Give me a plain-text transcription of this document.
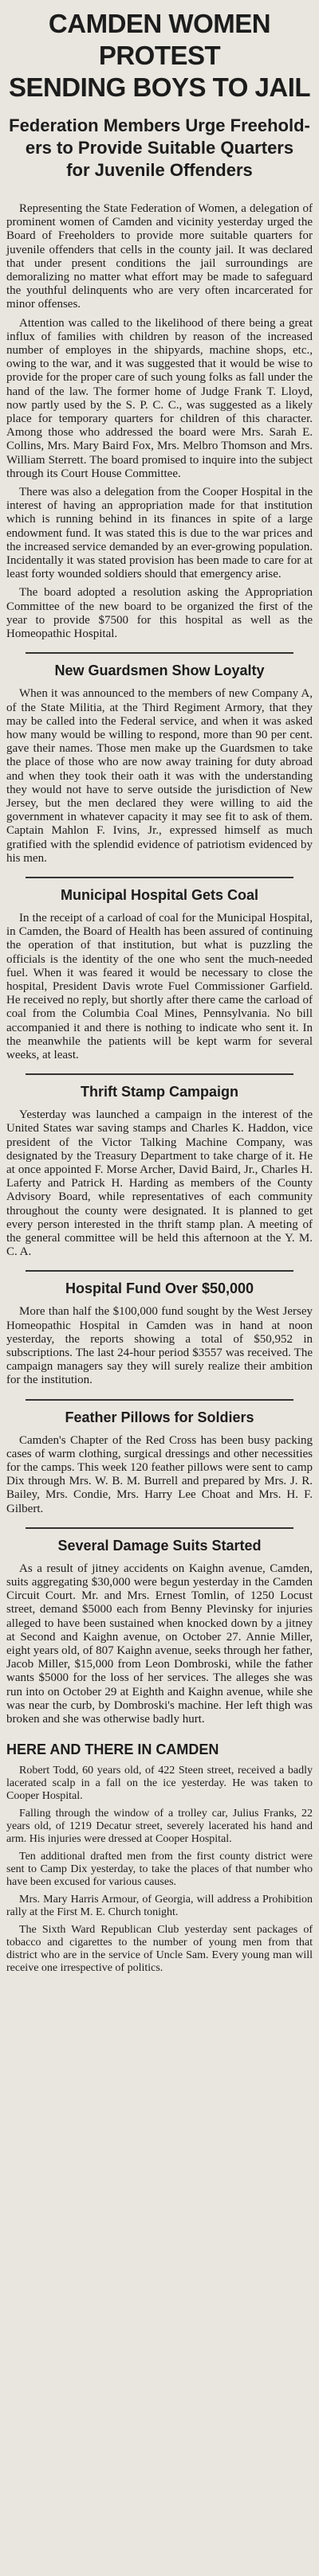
CAMDEN WOMEN PROTEST
SENDING BOYS TO JAIL
Federation Members Urge Freehold-
ers to Provide Suitable Quarters
for Juvenile Offenders

Representing the State Federation of Women, a delegation of prominent women of Camden and vicinity yesterday urged the Board of Freeholders to provide more suitable quarters for juvenile offenders that cells in the county jail. It was declared that under present conditions the jail surroundings are demoralizing no matter what effort may be made to safeguard the youthful delinquents who are very often incarcerated for minor offenses.

Attention was called to the likelihood of there being a great influx of families with children by reason of the increased number of employes in the shipyards, machine shops, etc., owing to the war, and it was suggested that it would be wise to provide for the proper care of such young folks as fall under the hand of the law. The former home of Judge Frank T. Lloyd, now partly used by the S. P. C. C., was suggested as a likely place for temporary quarters for children of this character. Among those who addressed the board were Mrs. Sarah E. Collins, Mrs. Mary Baird Fox, Mrs. Melbro Thomson and Mrs. William Sterrett. The board promised to inquire into the subject through its Court House Committee.

There was also a delegation from the Cooper Hospital in the interest of having an appropriation made for that institution which is running behind in its finances in spite of a large endowment fund. It was stated this is due to the war prices and the increased service demanded by an ever-growing population. Incidentally it was stated provision has been made to care for at least forty wounded soldiers should that emergency arise.

The board adopted a resolution asking the Appropriation Committee of the new board to be organized the first of the year to provide $7500 for this hospital as well as the Homeopathic Hospital.

New Guardsmen Show Loyalty

When it was announced to the members of new Company A, of the State Militia, at the Third Regiment Armory, that they may be called into the Federal service, and when it was asked how many would be willing to respond, more than 90 per cent. gave their names. Those men make up the Guardsmen to take the place of those who are now away training for duty abroad and when they took their oath it was with the understanding they would not have to serve outside the jurisdiction of New Jersey, but the men declared they were willing to aid the government in whatever capacity it may see fit to ask of them. Captain Mahlon F. Ivins, Jr., expressed himself as much gratified with the splendid evidence of patriotism evidenced by his men.

Municipal Hospital Gets Coal

In the receipt of a carload of coal for the Municipal Hospital, in Camden, the Board of Health has been assured of continuing the operation of that institution, but what is puzzling the officials is the identity of the one who sent the much-needed fuel. When it was feared it would be necessary to close the hospital, President Davis wrote Fuel Commissioner Garfield. He received no reply, but shortly after there came the carload of coal from the Columbia Coal Mines, Pennsylvania. No bill accompanied it and there is nothing to indicate who sent it. In the meanwhile the patients will be kept warm for several weeks, at least.

Thrift Stamp Campaign

Yesterday was launched a campaign in the interest of the United States war saving stamps and Charles K. Haddon, vice president of the Victor Talking Machine Company, was designated by the Treasury Department to take charge of it. He at once appointed F. Morse Archer, David Baird, Jr., Charles H. Laferty and Patrick H. Harding as members of the County Advisory Board, while representatives of each community throughout the county were designated. It is planned to get every person interested in the thrift stamp plan. A meeting of the general committee will be held this afternoon at the Y. M. C. A.

Hospital Fund Over $50,000

More than half the $100,000 fund sought by the West Jersey Homeopathic Hospital in Camden was in hand at noon yesterday, the reports showing a total of $50,952 in subscriptions. The last 24-hour period $3557 was received. The campaign managers say they will surely realize their ambition for the institution.

Feather Pillows for Soldiers

Camden's Chapter of the Red Cross has been busy packing cases of warm clothing, surgical dressings and other necessities for the camps. This week 120 feather pillows were sent to camp Dix through Mrs. W. B. M. Burrell and prepared by Mrs. J. R. Bailey, Mrs. Condie, Mrs. Harry Lee Choat and Mrs. H. F. Gilbert.

Several Damage Suits Started

As a result of jitney accidents on Kaighn avenue, Camden, suits aggregating $30,000 were begun yesterday in the Camden Circuit Court. Mr. and Mrs. Ernest Tomlin, of 1250 Locust street, demand $5000 each from Benny Plevinsky for injuries alleged to have been sustained when knocked down by a jitney at Second and Kaighn avenue, on October 27. Annie Miller, eight years old, of 807 Kaighn avenue, seeks through her father, Jacob Miller, $15,000 from Leon Dombroski, while the father wants $5000 for the loss of her services. The alleges she was run into on October 29 at Eighth and Kaighn avenue, while she was near the curb, by Dombroski's machine. Her left thigh was broken and she was otherwise badly hurt.

HERE AND THERE IN CAMDEN

Robert Todd, 60 years old, of 422 Steen street, received a badly lacerated scalp in a fall on the ice yesterday. He was taken to Cooper Hospital.

Falling through the window of a trolley car, Julius Franks, 22 years old, of 1219 Decatur street, severely lacerated his hand and arm. His injuries were dressed at Cooper Hospital.

Ten additional drafted men from the first county district were sent to Camp Dix yesterday, to take the places of that number who have been excused for various causes.

Mrs. Mary Harris Armour, of Georgia, will address a Prohibition rally at the First M. E. Church tonight.

The Sixth Ward Republican Club yesterday sent packages of tobacco and cigarettes to the number of young men from that district who are in the service of Uncle Sam. Every young man will receive one irrespective of politics.
